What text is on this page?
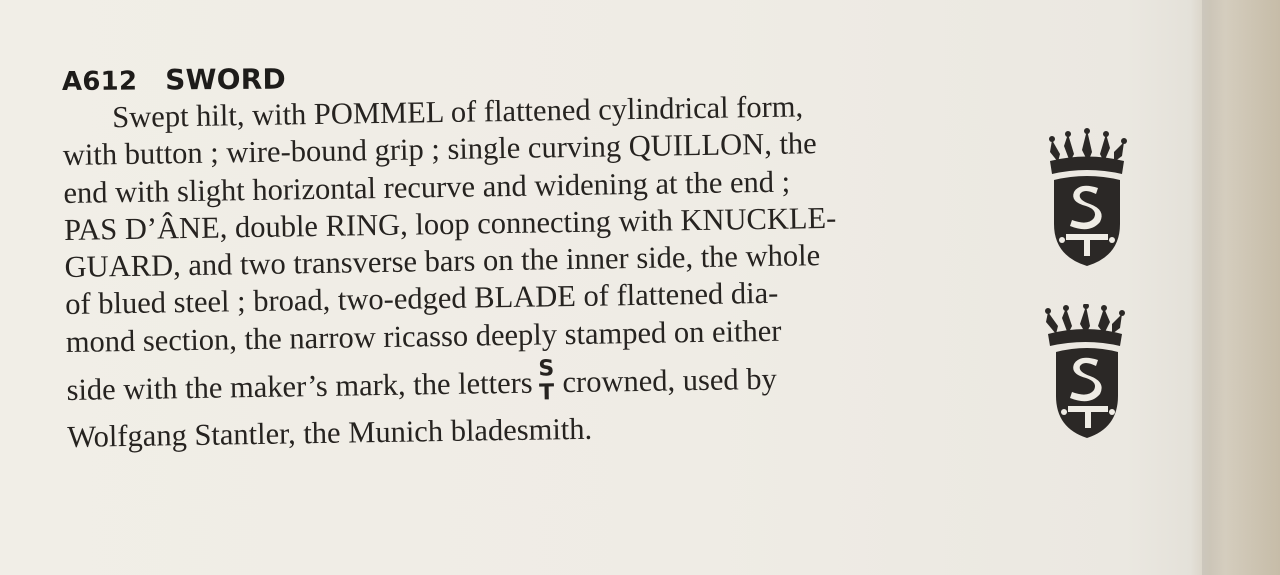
A612 SWORD
Swept hilt, with POMMEL of flattened cylindrical form,
with button ; wire-bound grip ; single curving QUILLON, the
end with slight horizontal recurve and widening at the end ;
PAS D’ÂNE, double RING, loop connecting with KNUCKLE-
GUARD, and two transverse bars on the inner side, the whole
of blued steel ; broad, two-edged BLADE of flattened dia-
mond section, the narrow ricasso deeply stamped on either
side with the maker’s mark, the letters S
T crowned, used by
Wolfgang Stantler, the Munich bladesmith.
